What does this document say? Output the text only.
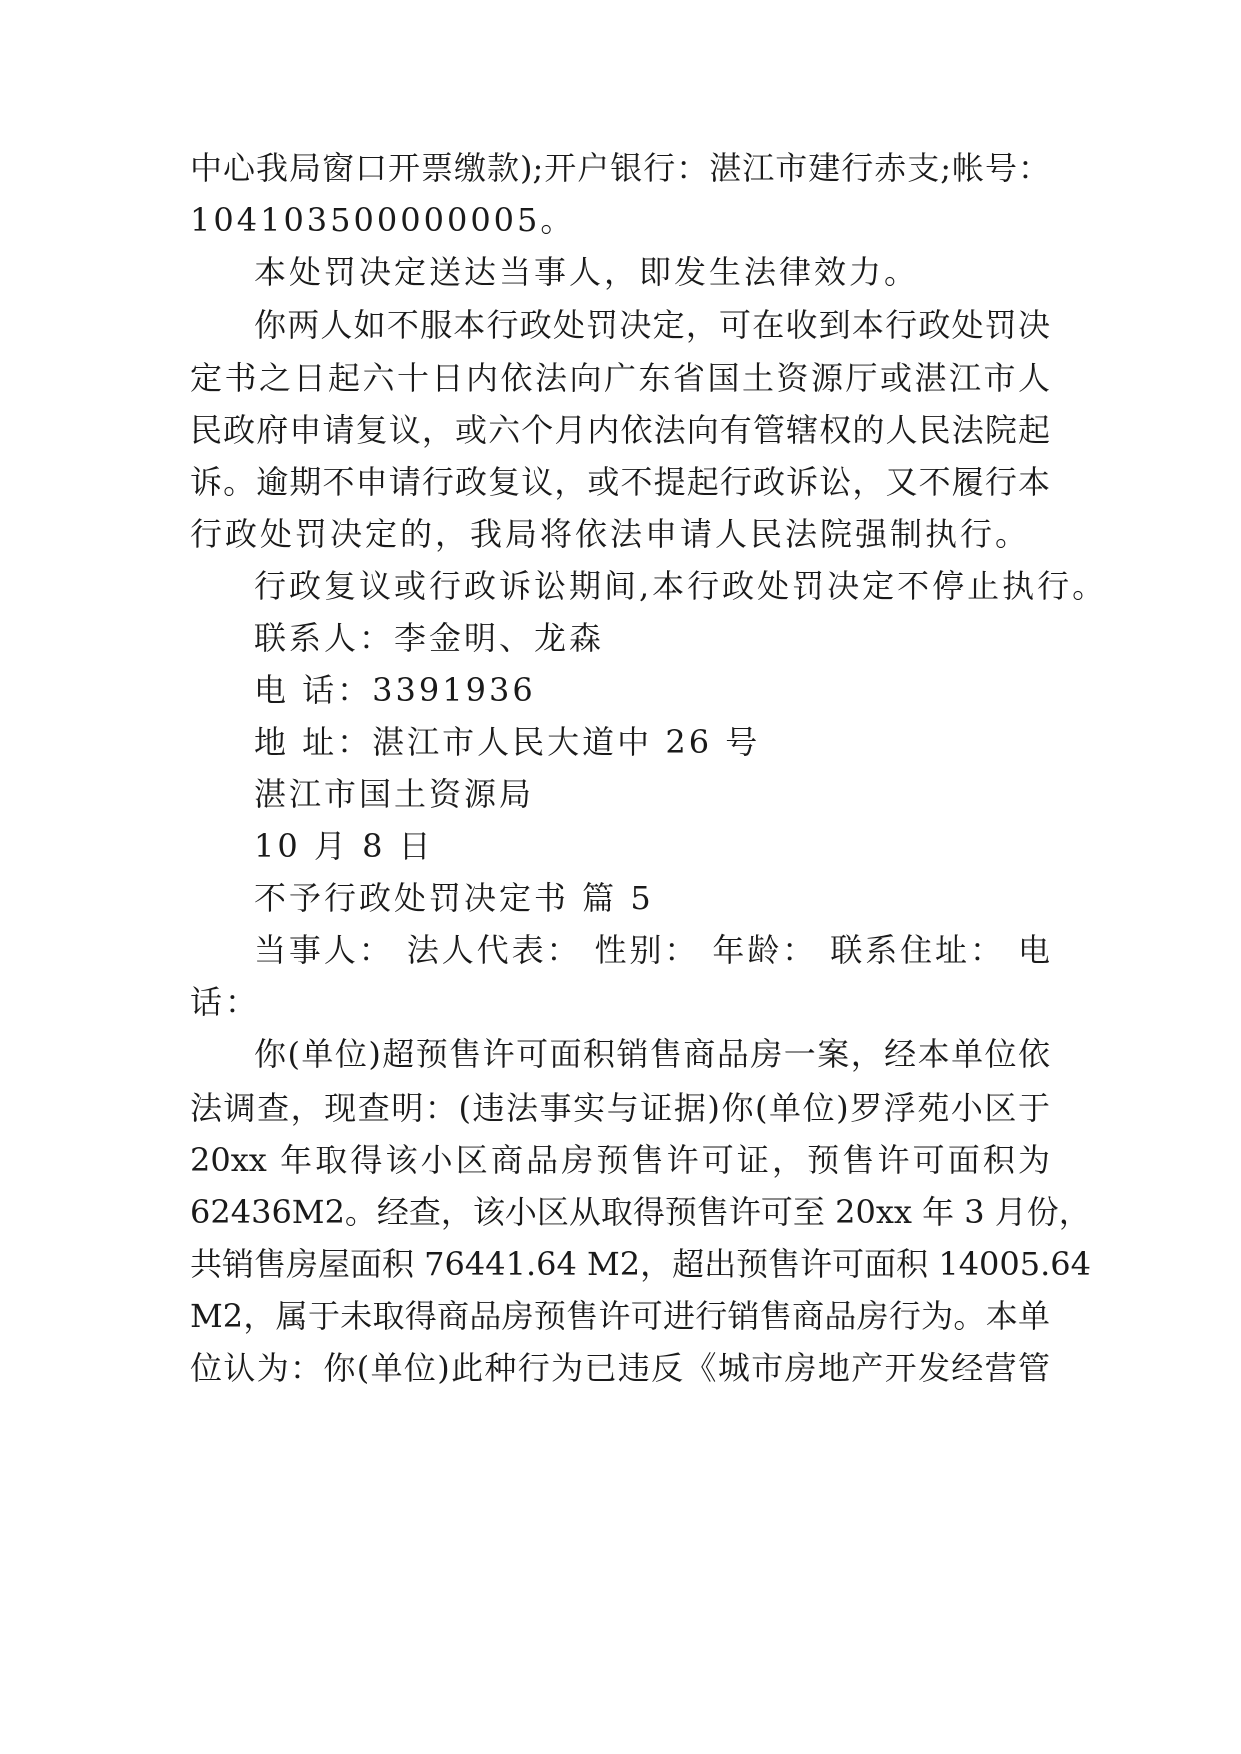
中心我局窗口开票缴款);开户银行：湛江市建行赤支;帐号：
104103500000005。
本处罚决定送达当事人，即发生法律效力。
你两人如不服本行政处罚决定，可在收到本行政处罚决
定书之日起六十日内依法向广东省国土资源厅或湛江市人
民政府申请复议，或六个月内依法向有管辖权的人民法院起
诉。逾期不申请行政复议，或不提起行政诉讼，又不履行本
行政处罚决定的，我局将依法申请人民法院强制执行。
行政复议或行政诉讼期间,本行政处罚决定不停止执行。
联系人：李金明、龙森
电 话：3391936
地 址：湛江市人民大道中 26 号
湛江市国土资源局
10 月 8 日
不予行政处罚决定书 篇 5
当事人： 法人代表： 性别： 年龄： 联系住址： 电
话：
你(单位)超预售许可面积销售商品房一案，经本单位依
法调查，现查明：(违法事实与证据)你(单位)罗浮苑小区于
20xx 年取得该小区商品房预售许可证，预售许可面积为
62436M2。经查，该小区从取得预售许可至 20xx 年 3 月份，
共销售房屋面积 76441.64 M2，超出预售许可面积 14005.64
M2，属于未取得商品房预售许可进行销售商品房行为。本单
位认为：你(单位)此种行为已违反《城市房地产开发经营管
